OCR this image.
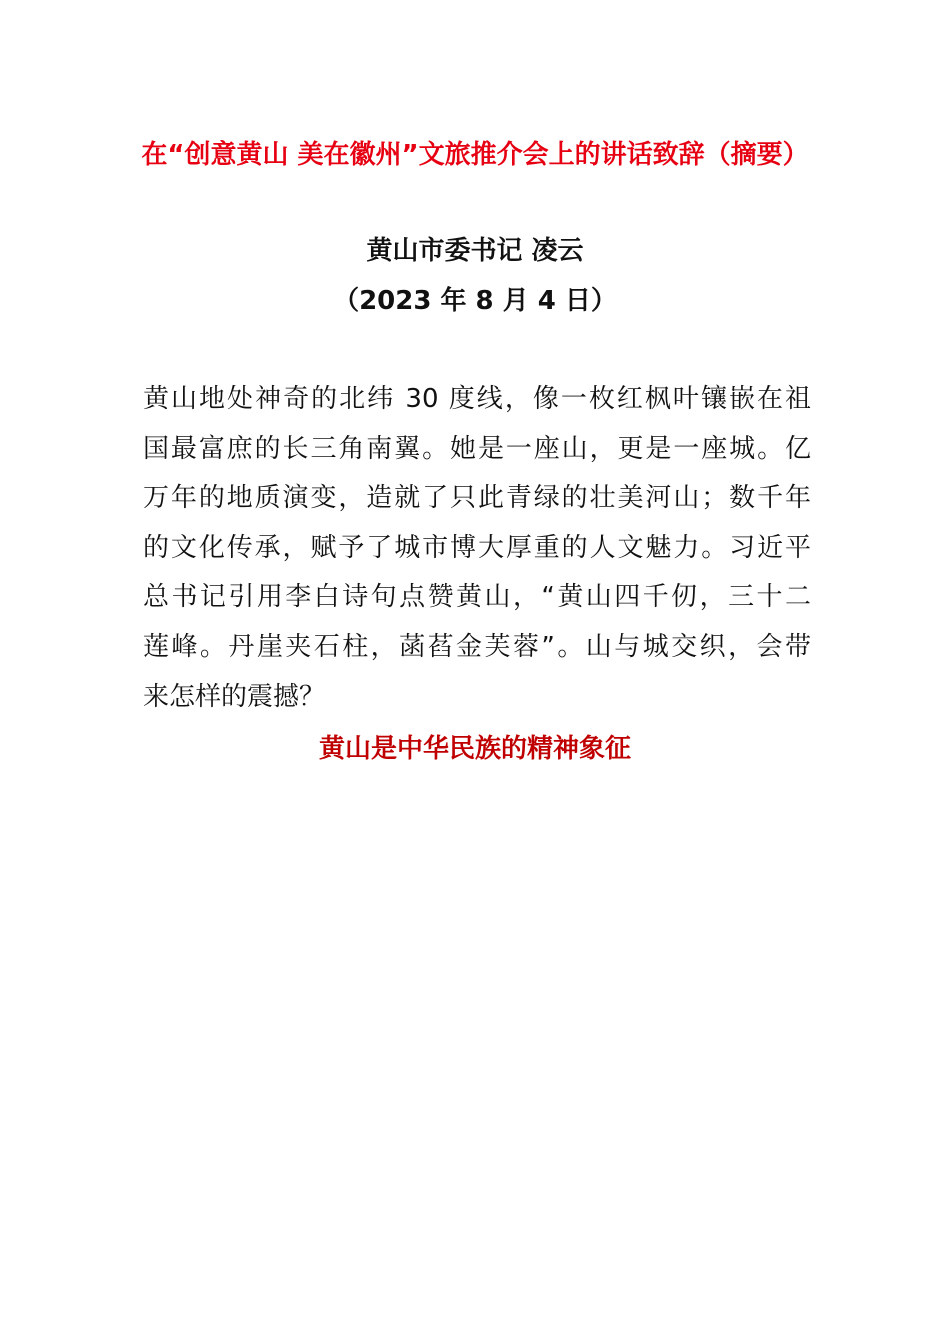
在“创意黄山 美在徽州”文旅推介会上的讲话致辞（摘要）
黄山市委书记 凌云
（2023 年 8 月 4 日）
黄山地处神奇的北纬 30 度线，像一枚红枫叶镶嵌在祖
国最富庶的长三角南翼。她是一座山，更是一座城。亿
万年的地质演变，造就了只此青绿的壮美河山；数千年
的文化传承，赋予了城市博大厚重的人文魅力。习近平
总书记引用李白诗句点赞黄山，“黄山四千仞，三十二
莲峰。丹崖夹石柱，菡萏金芙蓉”。山与城交织，会带
来怎样的震撼？
黄山是中华民族的精神象征
